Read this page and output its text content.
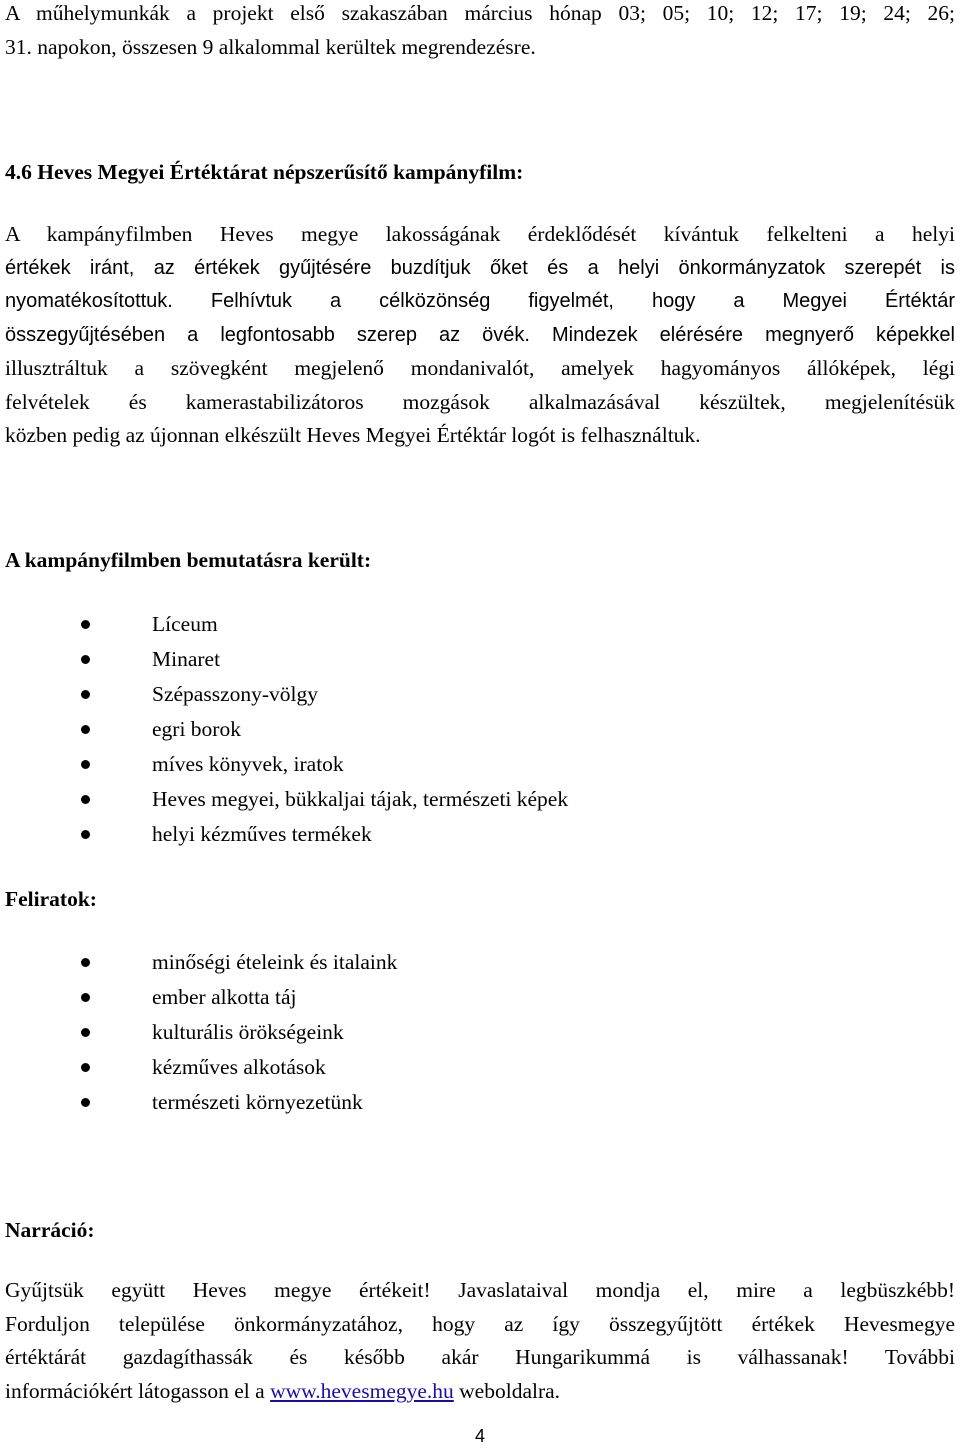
A műhelymunkák a projekt első szakaszában március hónap 03; 05; 10; 12; 17; 19; 24; 26;
31. napokon, összesen 9 alkalommal kerültek megrendezésre.

4.6 Heves Megyei Értéktárat népszerűsítő kampányfilm:

A kampányfilmben Heves megye lakosságának érdeklődését kívántuk felkelteni a helyi
értékek iránt, az értékek gyűjtésére buzdítjuk őket és a helyi önkormányzatok szerepét is
nyomatékosítottuk. Felhívtuk a célközönség figyelmét, hogy a Megyei Értéktár
összegyűjtésében a legfontosabb szerep az övék. Mindezek elérésére megnyerő képekkel
illusztráltuk a szövegként megjelenő mondanivalót, amelyek hagyományos állóképek, légi
felvételek és kamerastabilizátoros mozgások alkalmazásával készültek, megjelenítésük
közben pedig az újonnan elkészült Heves Megyei Értéktár logót is felhasználtuk.

A kampányfilmben bemutatásra került:
Líceum
Minaret
Szépasszony-völgy
egri borok
míves könyvek, iratok
Heves megyei, bükkaljai tájak, természeti képek
helyi kézműves termékek
Feliratok:
minőségi ételeink és italaink
ember alkotta táj
kulturális örökségeink
kézműves alkotások
természeti környezetünk
Narráció:

Gyűjtsük együtt Heves megye értékeit! Javaslataival mondja el, mire a legbüszkébb!
Forduljon települése önkormányzatához, hogy az így összegyűjtött értékek Hevesmegye
értéktárát gazdagíthassák és később akár Hungarikummá is válhassanak! További
információkért látogasson el a www.hevesmegye.hu weboldalra.

4
